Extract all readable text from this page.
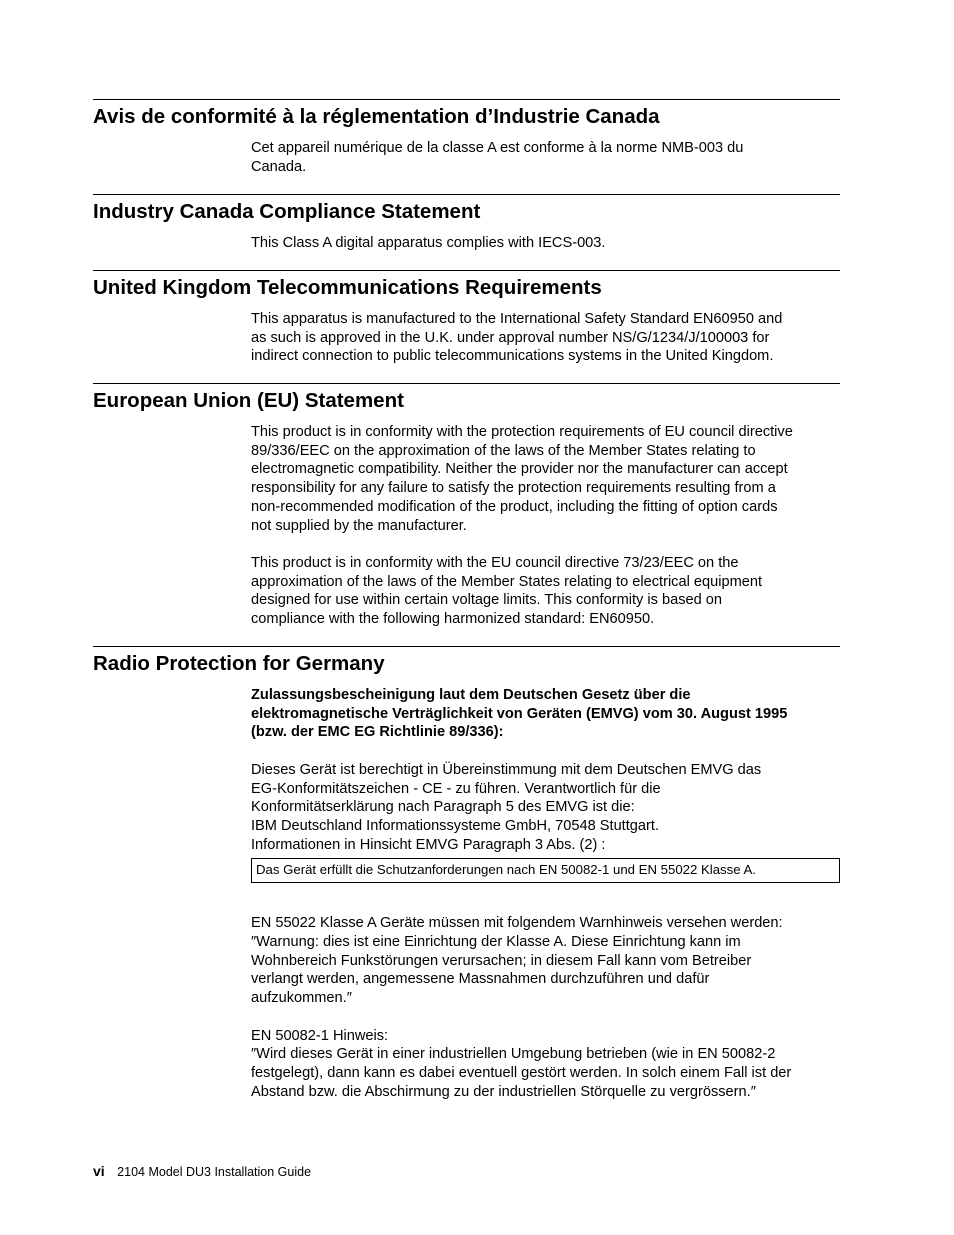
Avis de conformité à la réglementation d’Industrie Canada

Cet appareil numérique de la classe A est conforme à la norme NMB-003 du
Canada.

Industry Canada Compliance Statement

This Class A digital apparatus complies with IECS-003.

United Kingdom Telecommunications Requirements

This apparatus is manufactured to the International Safety Standard EN60950 and
as such is approved in the U.K. under approval number NS/G/1234/J/100003 for
indirect connection to public telecommunications systems in the United Kingdom.

European Union (EU) Statement

This product is in conformity with the protection requirements of EU council directive
89/336/EEC on the approximation of the laws of the Member States relating to
electromagnetic compatibility. Neither the provider nor the manufacturer can accept
responsibility for any failure to satisfy the protection requirements resulting from a
non-recommended modification of the product, including the fitting of option cards
not supplied by the manufacturer.

This product is in conformity with the EU council directive 73/23/EEC on the
approximation of the laws of the Member States relating to electrical equipment
designed for use within certain voltage limits. This conformity is based on
compliance with the following harmonized standard: EN60950.

Radio Protection for Germany

Zulassungsbescheinigung laut dem Deutschen Gesetz über die
elektromagnetische Verträglichkeit von Geräten (EMVG) vom 30. August 1995
(bzw. der EMC EG Richtlinie 89/336):

Dieses Gerät ist berechtigt in Übereinstimmung mit dem Deutschen EMVG das
EG-Konformitätszeichen - CE - zu führen. Verantwortlich für die
Konformitätserklärung nach Paragraph 5 des EMVG ist die:
IBM Deutschland Informationssysteme GmbH, 70548 Stuttgart.
Informationen in Hinsicht EMVG Paragraph 3 Abs. (2) :

Das Gerät erfüllt die Schutzanforderungen nach EN 50082-1 und EN 55022 Klasse A.

EN 55022 Klasse A Geräte müssen mit folgendem Warnhinweis versehen werden:
″Warnung: dies ist eine Einrichtung der Klasse A. Diese Einrichtung kann im
Wohnbereich Funkstörungen verursachen; in diesem Fall kann vom Betreiber
verlangt werden, angemessene Massnahmen durchzuführen und dafür
aufzukommen.″

EN 50082-1 Hinweis:
″Wird dieses Gerät in einer industriellen Umgebung betrieben (wie in EN 50082-2
festgelegt), dann kann es dabei eventuell gestört werden. In solch einem Fall ist der
Abstand bzw. die Abschirmung zu der industriellen Störquelle zu vergrössern.″

vi 2104 Model DU3 Installation Guide
